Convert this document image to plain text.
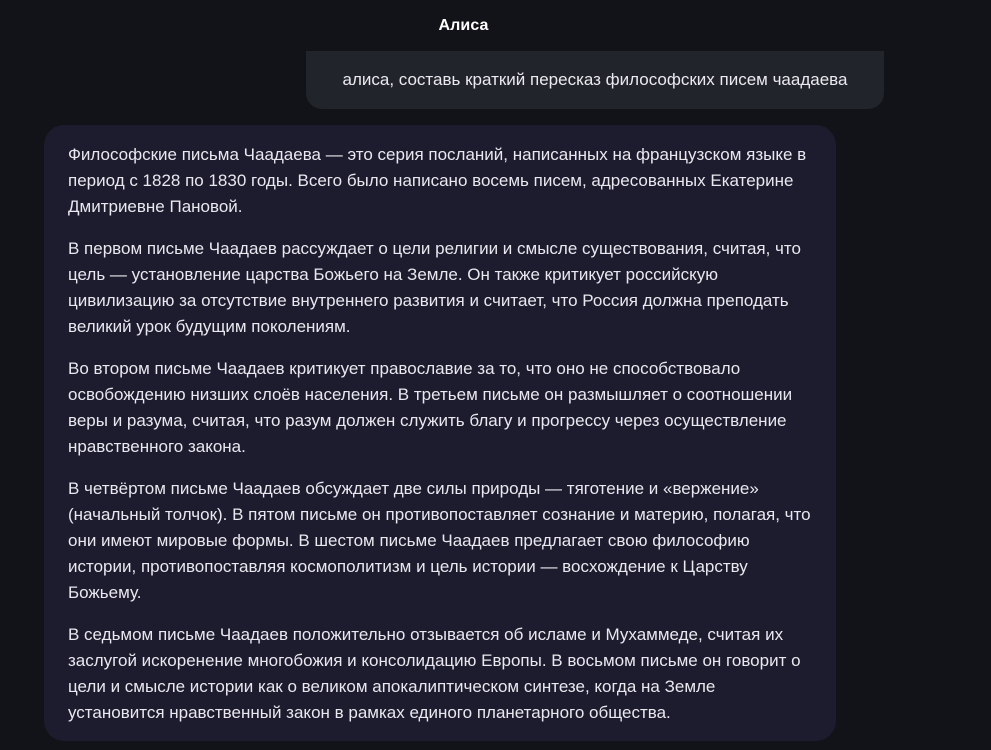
Алиса
алиса, составь краткий пересказ философских писем чаадаева

Философские письма Чаадаева — это серия посланий, написанных на французском языке в период с 1828 по 1830 годы. Всего было написано восемь писем, адресованных Екатерине Дмитриевне Пановой.

В первом письме Чаадаев рассуждает о цели религии и смысле существования, считая, что цель — установление царства Божьего на Земле. Он также критикует российскую цивилизацию за отсутствие внутреннего развития и считает, что Россия должна преподать великий урок будущим поколениям.

Во втором письме Чаадаев критикует православие за то, что оно не способствовало освобождению низших слоёв населения. В третьем письме он размышляет о соотношении веры и разума, считая, что разум должен служить благу и прогрессу через осуществление нравственного закона.

В четвёртом письме Чаадаев обсуждает две силы природы — тяготение и «вержение» (начальный толчок). В пятом письме он противопоставляет сознание и материю, полагая, что они имеют мировые формы. В шестом письме Чаадаев предлагает свою философию истории, противопоставляя космополитизм и цель истории — восхождение к Царству Божьему.

В седьмом письме Чаадаев положительно отзывается об исламе и Мухаммеде, считая их заслугой искоренение многобожия и консолидацию Европы. В восьмом письме он говорит о цели и смысле истории как о великом апокалиптическом синтезе, когда на Земле установится нравственный закон в рамках единого планетарного общества.
